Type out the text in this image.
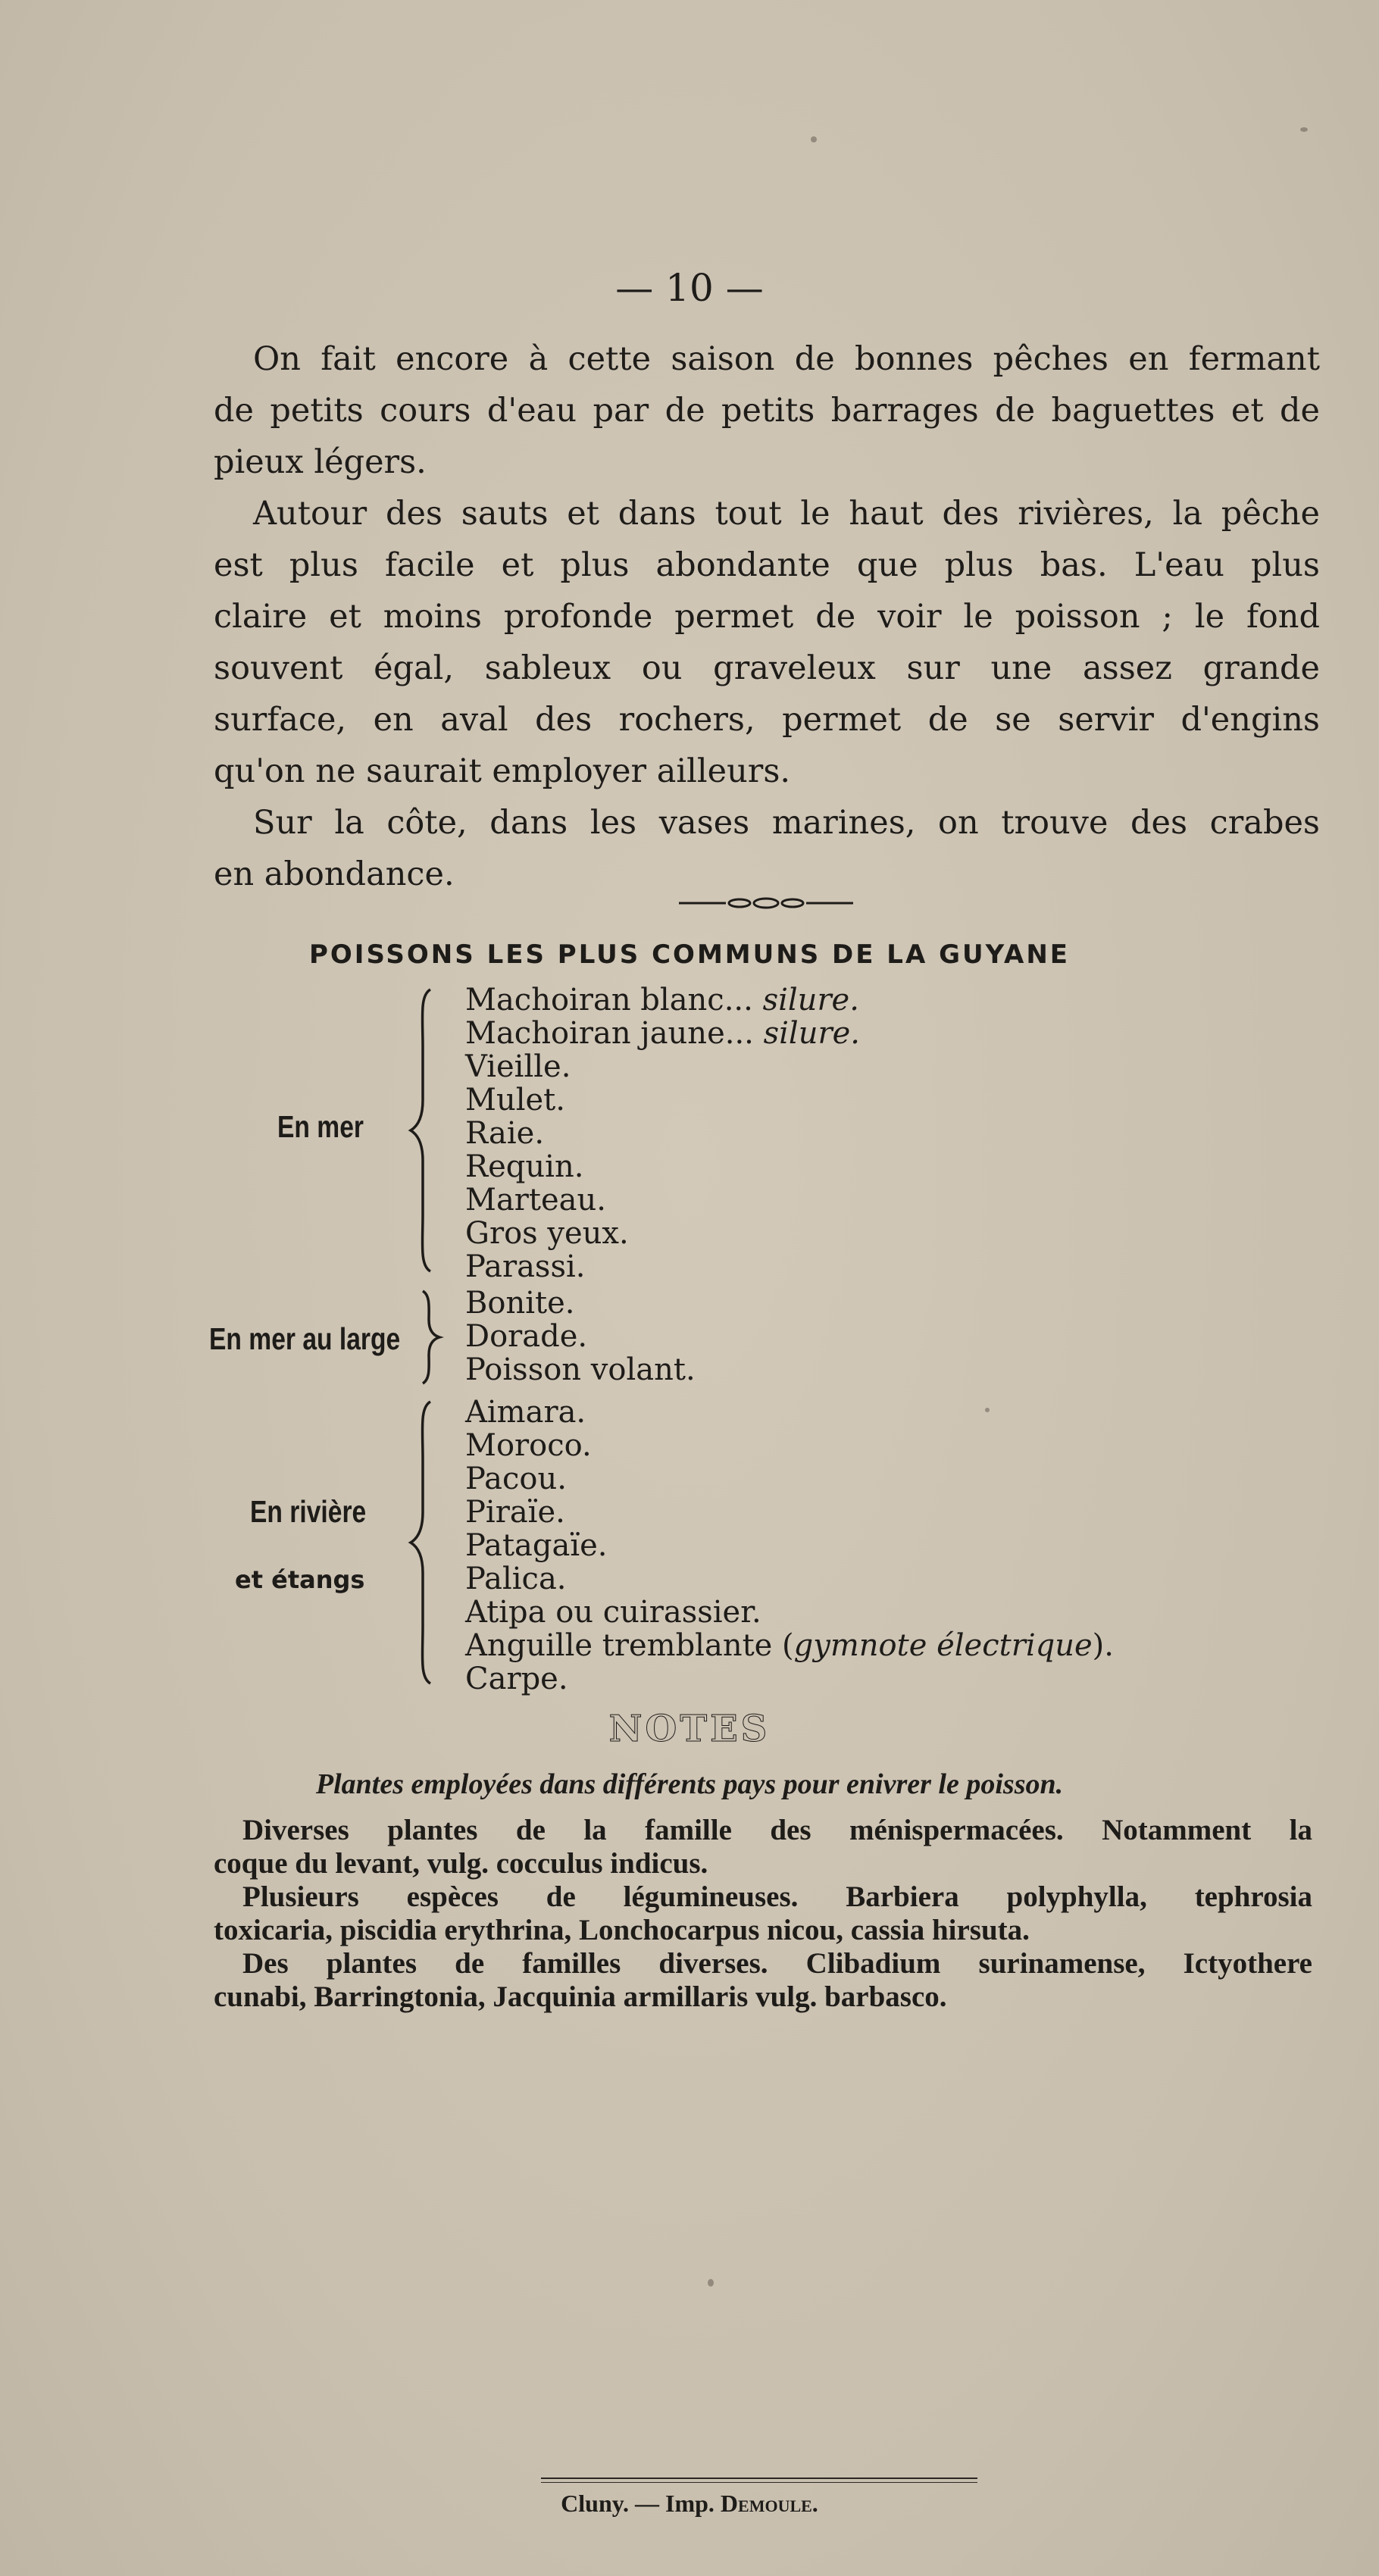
— 10 —
On fait encore à cette saison de bonnes pêches en fermant
de petits cours d'eau par de petits barrages de baguettes et de
pieux légers.
Autour des sauts et dans tout le haut des rivières, la pêche
est plus facile et plus abondante que plus bas. L'eau plus
claire et moins profonde permet de voir le poisson ; le fond
souvent égal, sableux ou graveleux sur une assez grande
surface, en aval des rochers, permet de se servir d'engins
qu'on ne saurait employer ailleurs.
Sur la côte, dans les vases marines, on trouve des crabes
en abondance.
POISSONS LES PLUS COMMUNS DE LA GUYANE
En mer
Machoiran blanc... silure.
Machoiran jaune... silure.
Vieille.
Mulet.
Raie.
Requin.
Marteau.
Gros yeux.
Parassi.
En mer au large
Bonite.
Dorade.
Poisson volant.
En rivière
et étangs
Aimara.
Moroco.
Pacou.
Piraïe.
Patagaïe.
Palica.
Atipa ou cuirassier.
Anguille tremblante (gymnote électrique).
Carpe.
NOTES
Plantes employées dans différents pays pour enivrer le poisson.
Diverses plantes de la famille des ménispermacées. Notamment la
coque du levant, vulg. cocculus indicus.
Plusieurs espèces de légumineuses. Barbiera polyphylla, tephrosia
toxicaria, piscidia erythrina, Lonchocarpus nicou, cassia hirsuta.
Des plantes de familles diverses. Clibadium surinamense, Ictyothere
cunabi, Barringtonia, Jacquinia armillaris vulg. barbasco.
Cluny. — Imp. Demoule.
